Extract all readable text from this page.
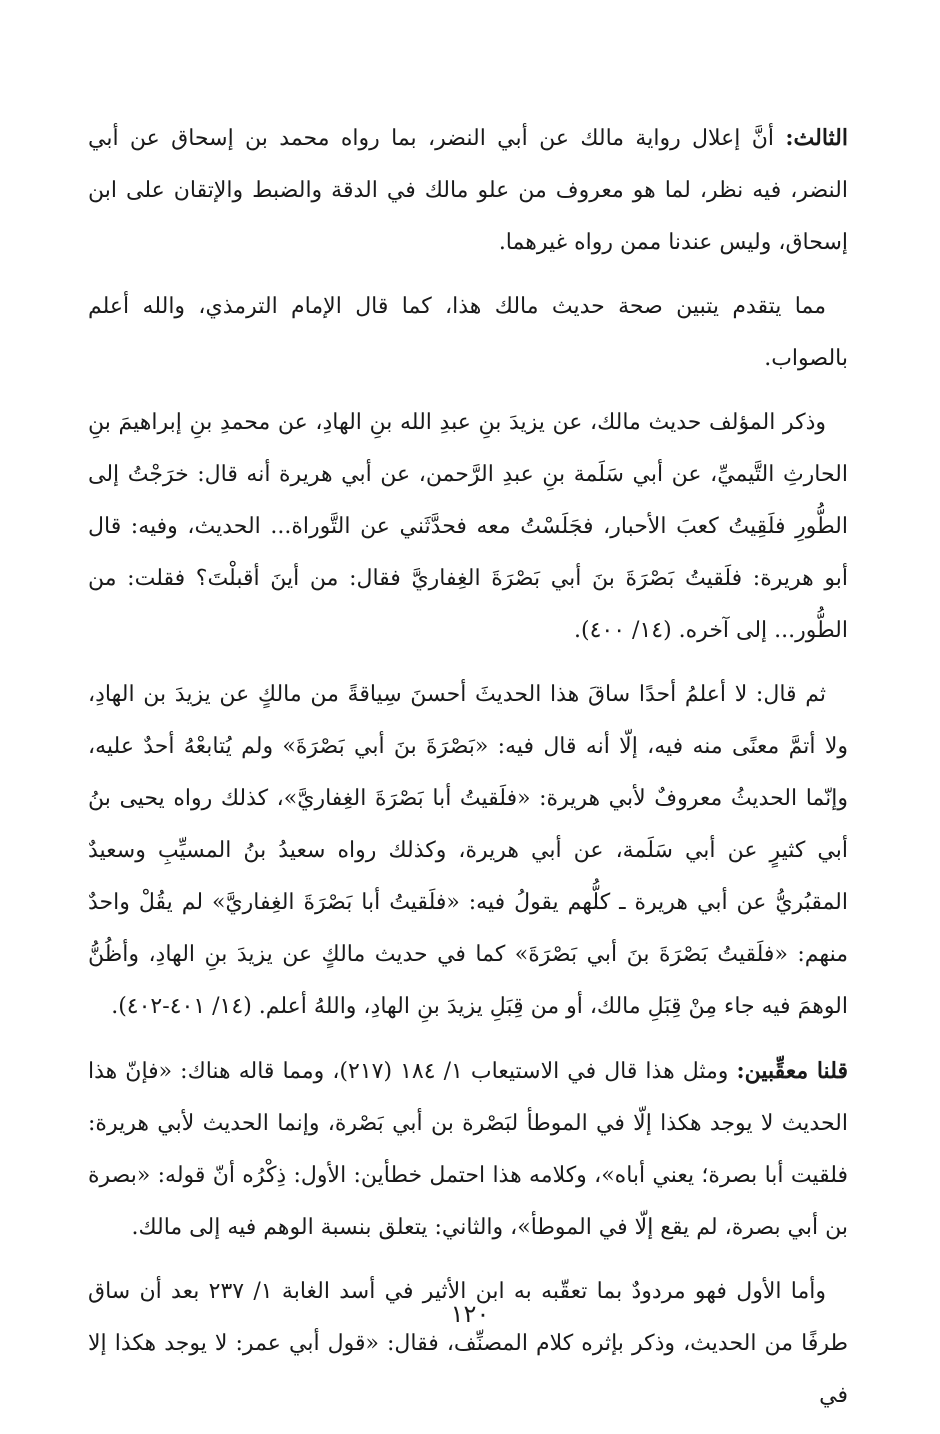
الثالث: أنَّ إعلال رواية مالك عن أبي النضر، بما رواه محمد بن إسحاق عن أبي النضر، فيه نظر، لما هو معروف من علو مالك في الدقة والضبط والإتقان على ابن إسحاق، وليس عندنا ممن رواه غيرهما.

مما يتقدم يتبين صحة حديث مالك هذا، كما قال الإمام الترمذي، والله أعلم بالصواب.

وذكر المؤلف حديث مالك، عن يزيدَ بنِ عبدِ الله بنِ الهادِ، عن محمدِ بنِ إبراهيمَ بنِ الحارثِ التَّيميِّ، عن أبي سَلَمة بنِ عبدِ الرَّحمن، عن أبي هريرة أنه قال: خرَجْتُ إلى الطُّورِ فلَقِيتُ كعبَ الأحبار، فجَلَسْتُ معه فحدَّثَني عن التَّوراة... الحديث، وفيه: قال أبو هريرة: فلَقيتُ بَصْرَةَ بنَ أبي بَصْرَةَ الغِفاريَّ فقال: من أينَ أقبلْتَ؟ فقلت: من الطُّور... إلى آخره. (١٤/ ٤٠٠).

ثم قال: لا أعلمُ أحدًا ساقَ هذا الحديثَ أحسنَ سِياقةً من مالكٍ عن يزيدَ بن الهادِ، ولا أتمَّ معنًى منه فيه، إلّا أنه قال فيه: «بَصْرَةَ بنَ أبي بَصْرَةَ» ولم يُتابعْهُ أحدٌ عليه، وإنّما الحديثُ معروفٌ لأبي هريرة: «فلَقيتُ أبا بَصْرَةَ الغِفاريَّ»، كذلك رواه يحيى بنُ أبي كثيرٍ عن أبي سَلَمة، عن أبي هريرة، وكذلك رواه سعيدُ بنُ المسيِّبِ وسعيدٌ المقبُريُّ عن أبي هريرة ـ كلُّهم يقولُ فيه: «فلَقيتُ أبا بَصْرَةَ الغِفاريَّ» لم يقُلْ واحدٌ منهم: «فلَقيتُ بَصْرَةَ بنَ أبي بَصْرَةَ» كما في حديث مالكٍ عن يزيدَ بنِ الهادِ، وأظُنُّ الوهمَ فيه جاء مِنْ قِبَلِ مالك، أو من قِبَلِ يزيدَ بنِ الهادِ، واللهُ أعلم. (١٤/ ٤٠١-٤٠٢).

قلنا معقِّبين: ومثل هذا قال في الاستيعاب ١/ ١٨٤ (٢١٧)، ومما قاله هناك: «فإنّ هذا الحديث لا يوجد هكذا إلّا في الموطأ لبَصْرة بن أبي بَصْرة، وإنما الحديث لأبي هريرة: فلقيت أبا بصرة؛ يعني أباه»، وكلامه هذا احتمل خطأين: الأول: ذِكْرُه أنّ قوله: «بصرة بن أبي بصرة، لم يقع إلّا في الموطأ»، والثاني: يتعلق بنسبة الوهم فيه إلى مالك.

وأما الأول فهو مردودٌ بما تعقّبه به ابن الأثير في أسد الغابة ١/ ٢٣٧ بعد أن ساق طرفًا من الحديث، وذكر بإثره كلام المصنِّف، فقال: «قول أبي عمر: لا يوجد هكذا إلا في

١٢٠
